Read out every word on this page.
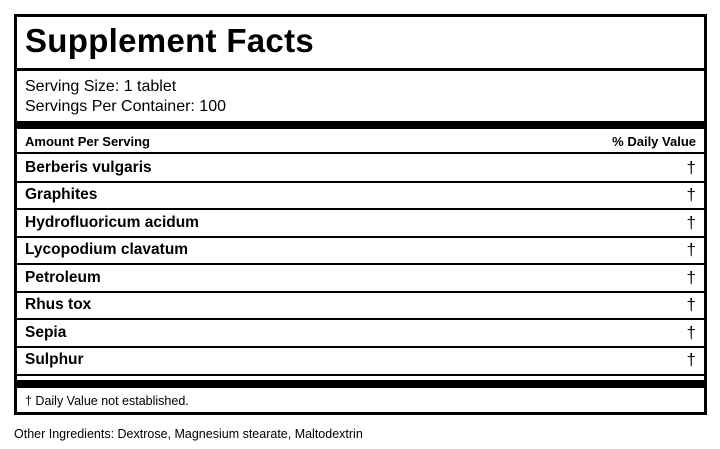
Supplement Facts
Serving Size: 1 tablet
Servings Per Container: 100
Amount Per Serving	% Daily Value
Berberis vulgaris	†
Graphites	†
Hydrofluoricum acidum	†
Lycopodium clavatum	†
Petroleum	†
Rhus tox	†
Sepia	†
Sulphur	†
† Daily Value not established.
Other Ingredients: Dextrose, Magnesium stearate, Maltodextrin
